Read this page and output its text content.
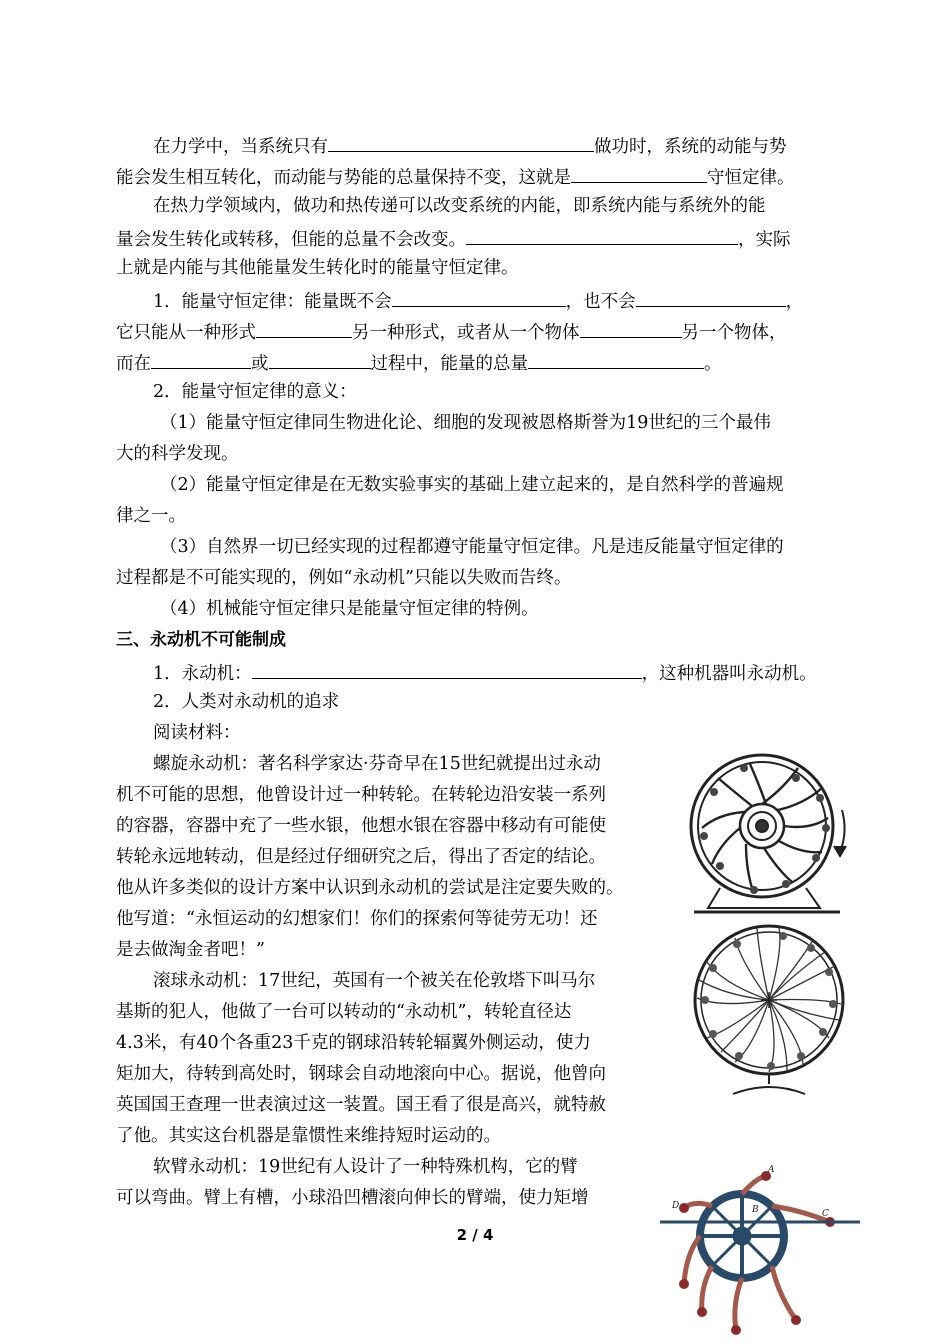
在力学中，当系统只有	做功时，系统的动能与势
能会发生相互转化，而动能与势能的总量保持不变，这就是	守恒定律。
在热力学领域内，做功和热传递可以改变系统的内能，即系统内能与系统外的能
量会发生转化或转移，但能的总量不会改变。	，实际
上就是内能与其他能量发生转化时的能量守恒定律。
1．能量守恒定律：能量既不会	，也不会	，
它只能从一种形式	另一种形式，或者从一个物体	另一个物体，
而在	或	过程中，能量的总量	。
2．能量守恒定律的意义：
（1）能量守恒定律同生物进化论、细胞的发现被恩格斯誉为19世纪的三个最伟
大的科学发现。
（2）能量守恒定律是在无数实验事实的基础上建立起来的，是自然科学的普遍规
律之一。
（3）自然界一切已经实现的过程都遵守能量守恒定律。凡是违反能量守恒定律的
过程都是不可能实现的，例如“永动机”只能以失败而告终。
（4）机械能守恒定律只是能量守恒定律的特例。
三、永动机不可能制成
1．永动机：	，这种机器叫永动机。
2．人类对永动机的追求
阅读材料：
螺旋永动机：著名科学家达·芬奇早在15世纪就提出过永动
机不可能的思想，他曾设计过一种转轮。在转轮边沿安装一系列
的容器，容器中充了一些水银，他想水银在容器中移动有可能使
转轮永远地转动，但是经过仔细研究之后，得出了否定的结论。
他从许多类似的设计方案中认识到永动机的尝试是注定要失败的。
他写道：“永恒运动的幻想家们！你们的探索何等徒劳无功！还
是去做淘金者吧！”
滚球永动机：17世纪，英国有一个被关在伦敦塔下叫马尔
基斯的犯人，他做了一台可以转动的“永动机”，转轮直径达
4.3米，有40个各重23千克的钢球沿转轮辐翼外侧运动，使力
矩加大，待转到高处时，钢球会自动地滚向中心。据说，他曾向
英国国王查理一世表演过这一装置。国王看了很是高兴，就特赦
了他。其实这台机器是靠惯性来维持短时运动的。
软臂永动机：19世纪有人设计了一种特殊机构，它的臂
可以弯曲。臂上有槽，小球沿凹槽滚向伸长的臂端，使力矩增
2 / 4
A
B	C
D
